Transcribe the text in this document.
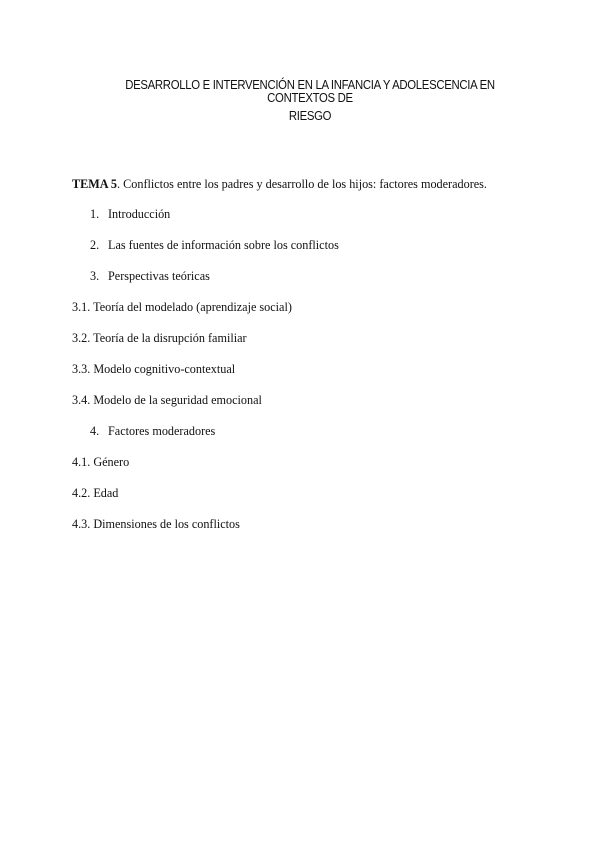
DESARROLLO E INTERVENCIÓN EN LA INFANCIA Y ADOLESCENCIA EN CONTEXTOS DE
RIESGO
TEMA 5. Conflictos entre los padres y desarrollo de los hijos: factores moderadores.
1. Introducción
2. Las fuentes de información sobre los conflictos
3. Perspectivas teóricas
3.1. Teoría del modelado (aprendizaje social)
3.2. Teoría de la disrupción familiar
3.3. Modelo cognitivo-contextual
3.4. Modelo de la seguridad emocional
4. Factores moderadores
4.1. Género
4.2. Edad
4.3. Dimensiones de los conflictos
